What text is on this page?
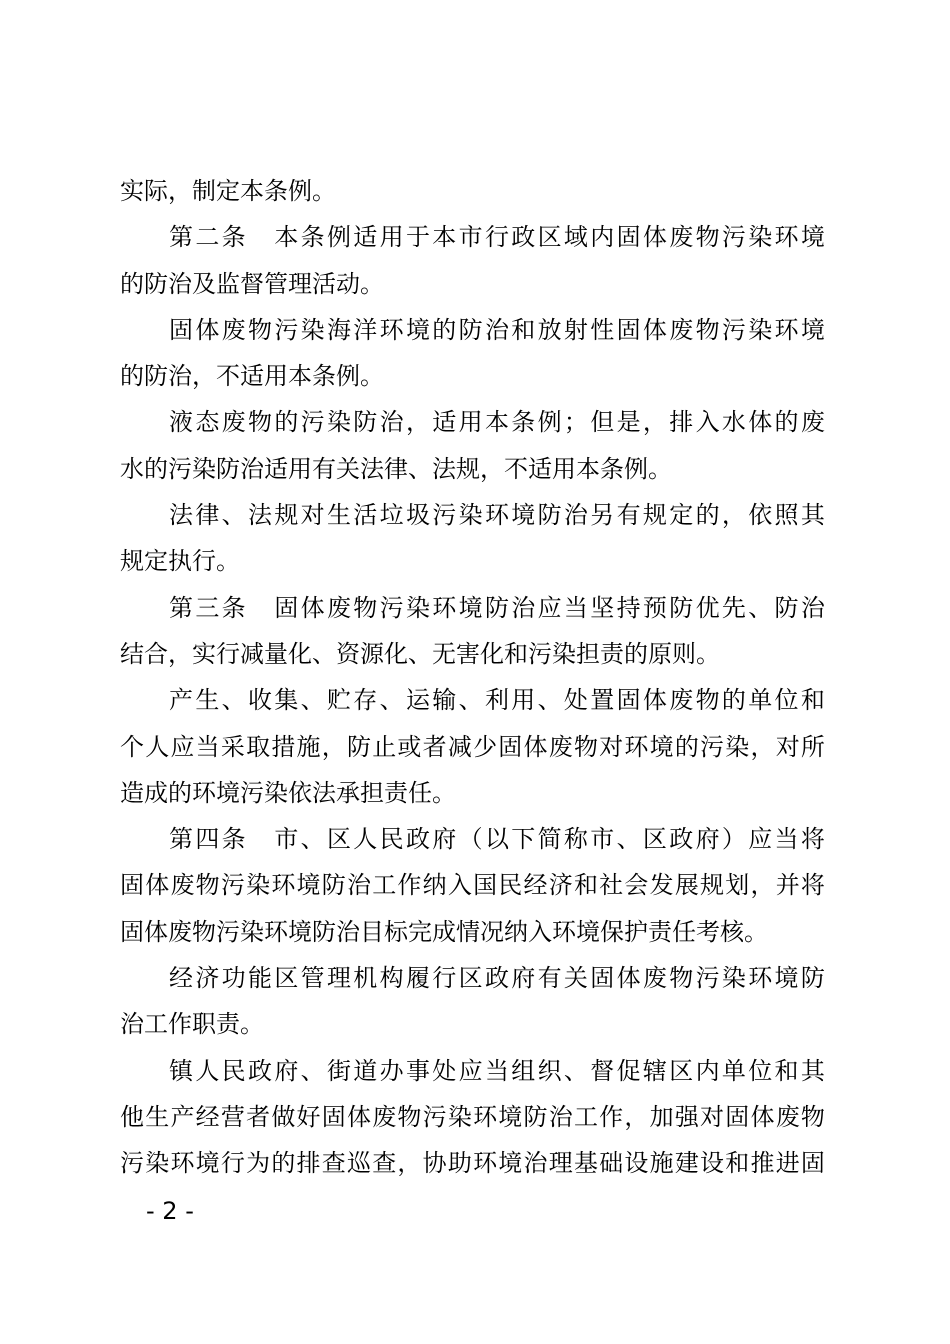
实际，制定本条例。
第 二 条
　 本 条 例 适 用 于 本 市 行 政 区 域 内 固 体 废 物 污 染 环 境
的防治及监督管理活动。
固 体 废 物 污 染 海 洋 环 境 的 防 治 和 放 射 性 固 体 废 物 污 染 环 境
的防治，不适用本条例。
液 态 废 物 的 污 染 防 治 ， 适 用 本 条 例 ； 但 是 ， 排 入 水 体 的 废
水的污染防治适用有关法律、法规，不适用本条例。
法 律 、 法 规 对 生 活 垃 圾 污 染 环 境 防 治 另 有 规 定 的 ， 依 照 其
规定执行。
第 三 条
　 固 体 废 物 污 染 环 境 防 治 应 当 坚 持 预 防 优 先 、 防 治
结合，实行减量化、资源化、无害化和污染担责的原则。
产 生 、 收 集 、 贮 存 、 运 输 、 利 用 、 处 置 固 体 废 物 的 单 位 和
个 人 应 当 采 取 措 施 ， 防 止 或 者 减 少 固 体 废 物 对 环 境 的 污 染 ， 对 所
造成的环境污染依法承担责任。
第 四 条
　 市 、 区 人 民 政 府 （ 以 下 简 称 市 、 区 政 府 ） 应 当 将
固 体 废 物 污 染 环 境 防 治 工 作 纳 入 国 民 经 济 和 社 会 发 展 规 划 ， 并 将
固体废物污染环境防治目标完成情况纳入环境保护责任考核。
经 济 功 能 区 管 理 机 构 履 行 区 政 府 有 关 固 体 废 物 污 染 环 境 防
治工作职责。
镇 人 民 政 府 、 街 道 办 事 处 应 当 组 织 、 督 促 辖 区 内 单 位 和 其
他 生 产 经 营 者 做 好 固 体 废 物 污 染 环 境 防 治 工 作 ， 加 强 对 固 体 废 物
污 染 环 境 行 为 的 排 查 巡 查 ， 协 助 环 境 治 理 基 础 设 施 建 设 和 推 进 固
- 2 -
